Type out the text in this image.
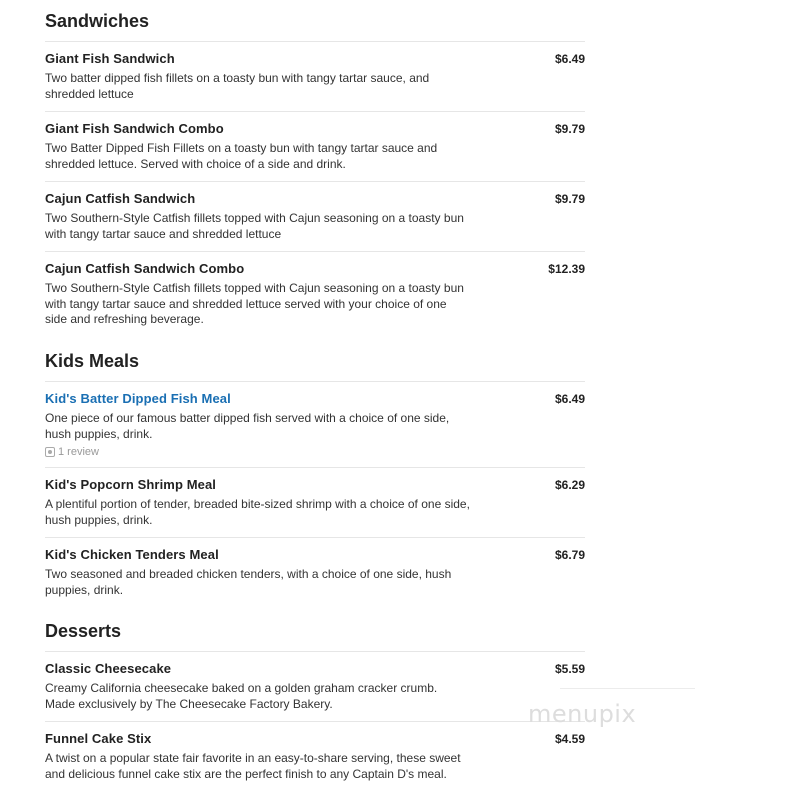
Sandwiches
Giant Fish Sandwich	$6.49
Two batter dipped fish fillets on a toasty bun with tangy tartar sauce, and shredded lettuce
Giant Fish Sandwich Combo	$9.79
Two Batter Dipped Fish Fillets on a toasty bun with tangy tartar sauce and shredded lettuce. Served with choice of a side and drink.
Cajun Catfish Sandwich	$9.79
Two Southern-Style Catfish fillets topped with Cajun seasoning on a toasty bun with tangy tartar sauce and shredded lettuce
Cajun Catfish Sandwich Combo	$12.39
Two Southern-Style Catfish fillets topped with Cajun seasoning on a toasty bun with tangy tartar sauce and shredded lettuce served with your choice of one side and refreshing beverage.
Kids Meals
Kid's Batter Dipped Fish Meal	$6.49
One piece of our famous batter dipped fish served with a choice of one side, hush puppies, drink.
1 review
Kid's Popcorn Shrimp Meal	$6.29
A plentiful portion of tender, breaded bite-sized shrimp with a choice of one side, hush puppies, drink.
Kid's Chicken Tenders Meal	$6.79
Two seasoned and breaded chicken tenders, with a choice of one side, hush puppies, drink.
Desserts
Classic Cheesecake	$5.59
Creamy California cheesecake baked on a golden graham cracker crumb. Made exclusively by The Cheesecake Factory Bakery.
Funnel Cake Stix	$4.59
A twist on a popular state fair favorite in an easy-to-share serving, these sweet and delicious funnel cake stix are the perfect finish to any Captain D's meal.
menupix
